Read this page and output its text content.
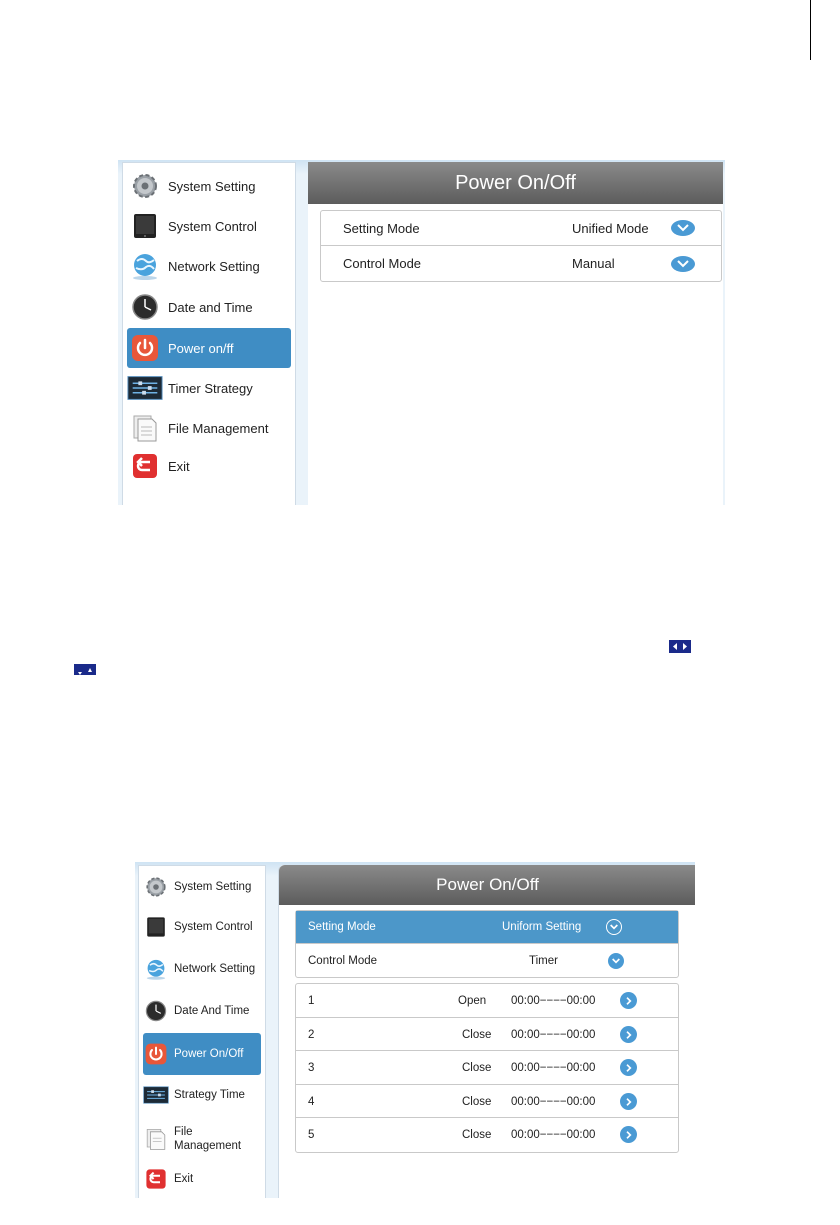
System Setting
System Control
Network Setting
Date and Time
Power on/ff
Timer Strategy
File Management
Exit
Power On/Off
Setting Mode	Unified Mode
Control Mode	Manual
System Setting
System Control
Network Setting
Date And Time
Power On/Off
Strategy Time
File
Management
Exit
Power On/Off
Setting Mode	Uniform Setting
Control Mode	Timer
1	Open 00:00−−−−00:00
2	Close 00:00−−−−00:00
3	Close 00:00−−−−00:00
4	Close 00:00−−−−00:00
5	Close 00:00−−−−00:00
